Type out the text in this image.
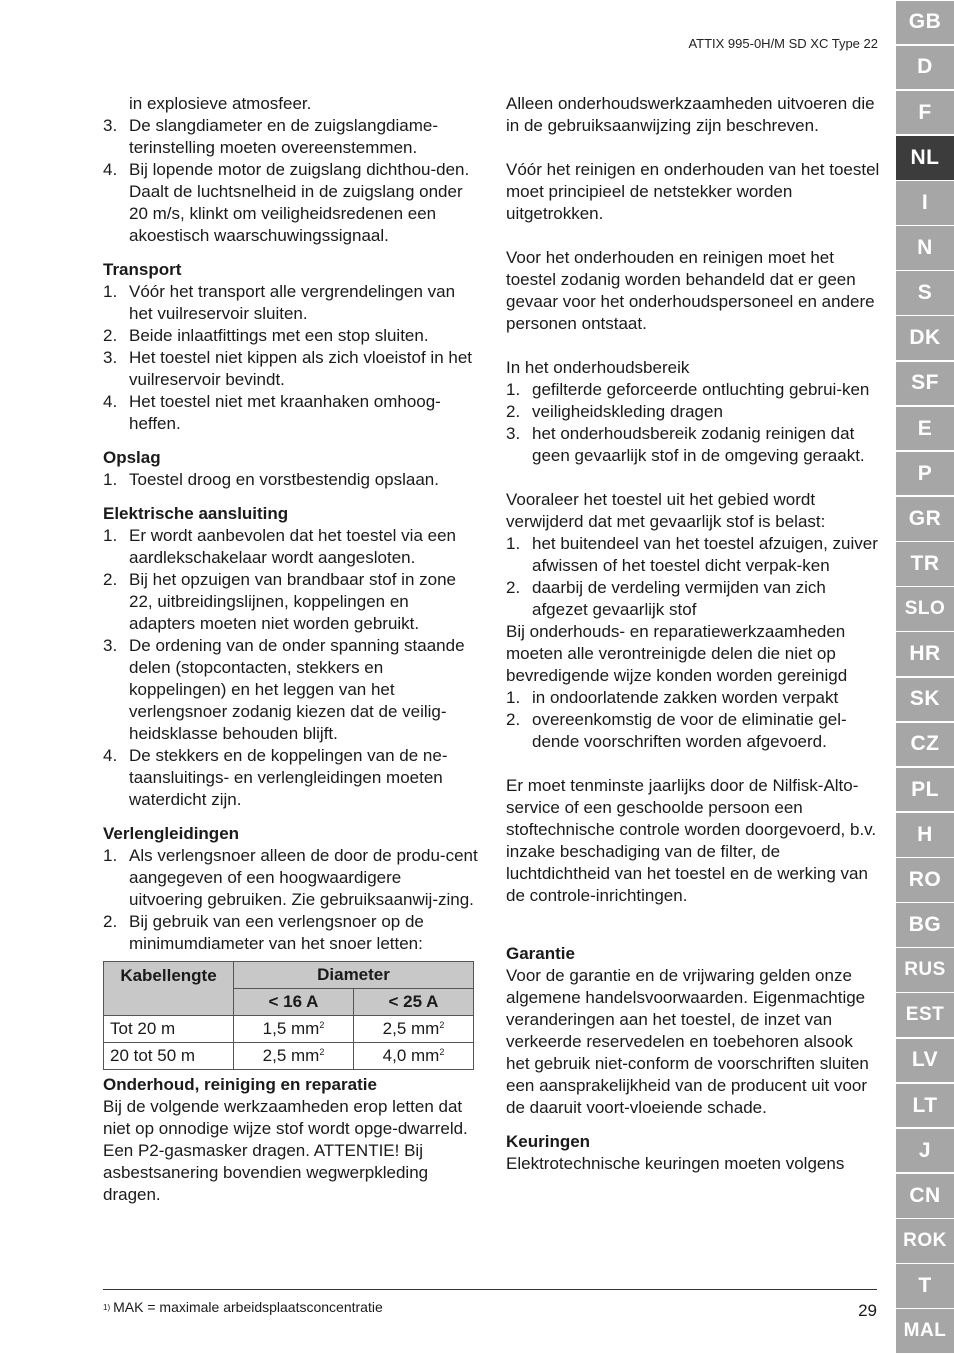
ATTIX 995-0H/M SD XC Type 22
in explosieve atmosfeer.
3. De slangdiameter en de zuigslangdiame-terinstelling moeten overeenstemmen.
4. Bij lopende motor de zuigslang dichthou-den. Daalt de luchtsnelheid in de zuigslang onder 20 m/s, klinkt om veiligheidsredenen een akoestisch waarschuwingssignaal.
Transport
1. Vóór het transport alle vergrendelingen van het vuilreservoir sluiten.
2. Beide inlaatfittings met een stop sluiten.
3. Het toestel niet kippen als zich vloeistof in het vuilreservoir bevindt.
4. Het toestel niet met kraanhaken omhoog-heffen.
Opslag
1. Toestel droog en vorstbestendig opslaan.
Elektrische aansluiting
1. Er wordt aanbevolen dat het toestel via een aardlekschakelaar wordt aangesloten.
2. Bij het opzuigen van brandbaar stof in zone 22, uitbreidingslijnen, koppelingen en adapters moeten niet worden gebruikt.
3. De ordening van de onder spanning staande delen (stopcontacten, stekkers en koppelingen) en het leggen van het verlengsnoer zodanig kiezen dat de veilig-heidsklasse behouden blijft.
4. De stekkers en de koppelingen van de ne-taansluitings- en verlengleidingen moeten waterdicht zijn.
Verlengleidingen
1. Als verlengsnoer alleen de door de produ-cent aangegeven of een hoogwaardigere uitvoering gebruiken. Zie gebruiksaanwij-zing.
2. Bij gebruik van een verlengsnoer op de minimumdiameter van het snoer letten:
Kabellengte	Diameter	
	< 16 A	< 25 A
Tot 20 m	1,5 $mm^2$	2,5 $mm^2$
20 tot 50 m	2,5 $mm^2$	4,0 $mm^2$
Onderhoud, reiniging en reparatie
Bij de volgende werkzaamheden erop letten dat niet op onnodige wijze stof wordt opge-dwarreld. Een P2-gasmasker dragen. ATTENTIE! Bij asbestsanering bovendien wegwerpkleding dragen.
Alleen onderhoudswerkzaamheden uitvoeren die in de gebruiksaanwijzing zijn beschreven.
Vóór het reinigen en onderhouden van het toestel moet principieel de netstekker worden uitgetrokken.
Voor het onderhouden en reinigen moet het toestel zodanig worden behandeld dat er geen gevaar voor het onderhoudspersoneel en andere personen ontstaat.
In het onderhoudsbereik
1. gefilterde geforceerde ontluchting gebrui-ken
2. veiligheidskleding dragen
3. het onderhoudsbereik zodanig reinigen dat geen gevaarlijk stof in de omgeving geraakt.
Vooraleer het toestel uit het gebied wordt verwijderd dat met gevaarlijk stof is belast:
1. het buitendeel van het toestel afzuigen, zuiver afwissen of het toestel dicht verpak-ken
2. daarbij de verdeling vermijden van zich afgezet gevaarlijk stof
Bij onderhouds- en reparatiewerkzaamheden moeten alle verontreinigde delen die niet op bevredigende wijze konden worden gereinigd
1. in ondoorlatende zakken worden verpakt
2. overeenkomstig de voor de eliminatie gel-dende voorschriften worden afgevoerd.
Er moet tenminste jaarlijks door de Nilfisk-Alto-service of een geschoolde persoon een stoftechnische controle worden doorgevoerd, b.v. inzake beschadiging van de filter, de luchtdichtheid van het toestel en de werking van de controle-inrichtingen.
Garantie
Voor de garantie en de vrijwaring gelden onze algemene handelsvoorwaarden. Eigenmachtige veranderingen aan het toestel, de inzet van verkeerde reservedelen en toebehoren alsook het gebruik niet-conform de voorschriften sluiten een aansprakelijkheid van de producent uit voor de daaruit voort-vloeiende schade.
Keuringen
Elektrotechnische keuringen moeten volgens
$^{1)}$ MAK = maximale arbeidsplaatsconcentratie	29
GB
D
F
NL
I
N
S
DK
SF
E
P
GR
TR
SLO
HR
SK
CZ
PL
H
RO
BG
RUS
EST
LV
LT
J
CN
ROK
T
MAL
